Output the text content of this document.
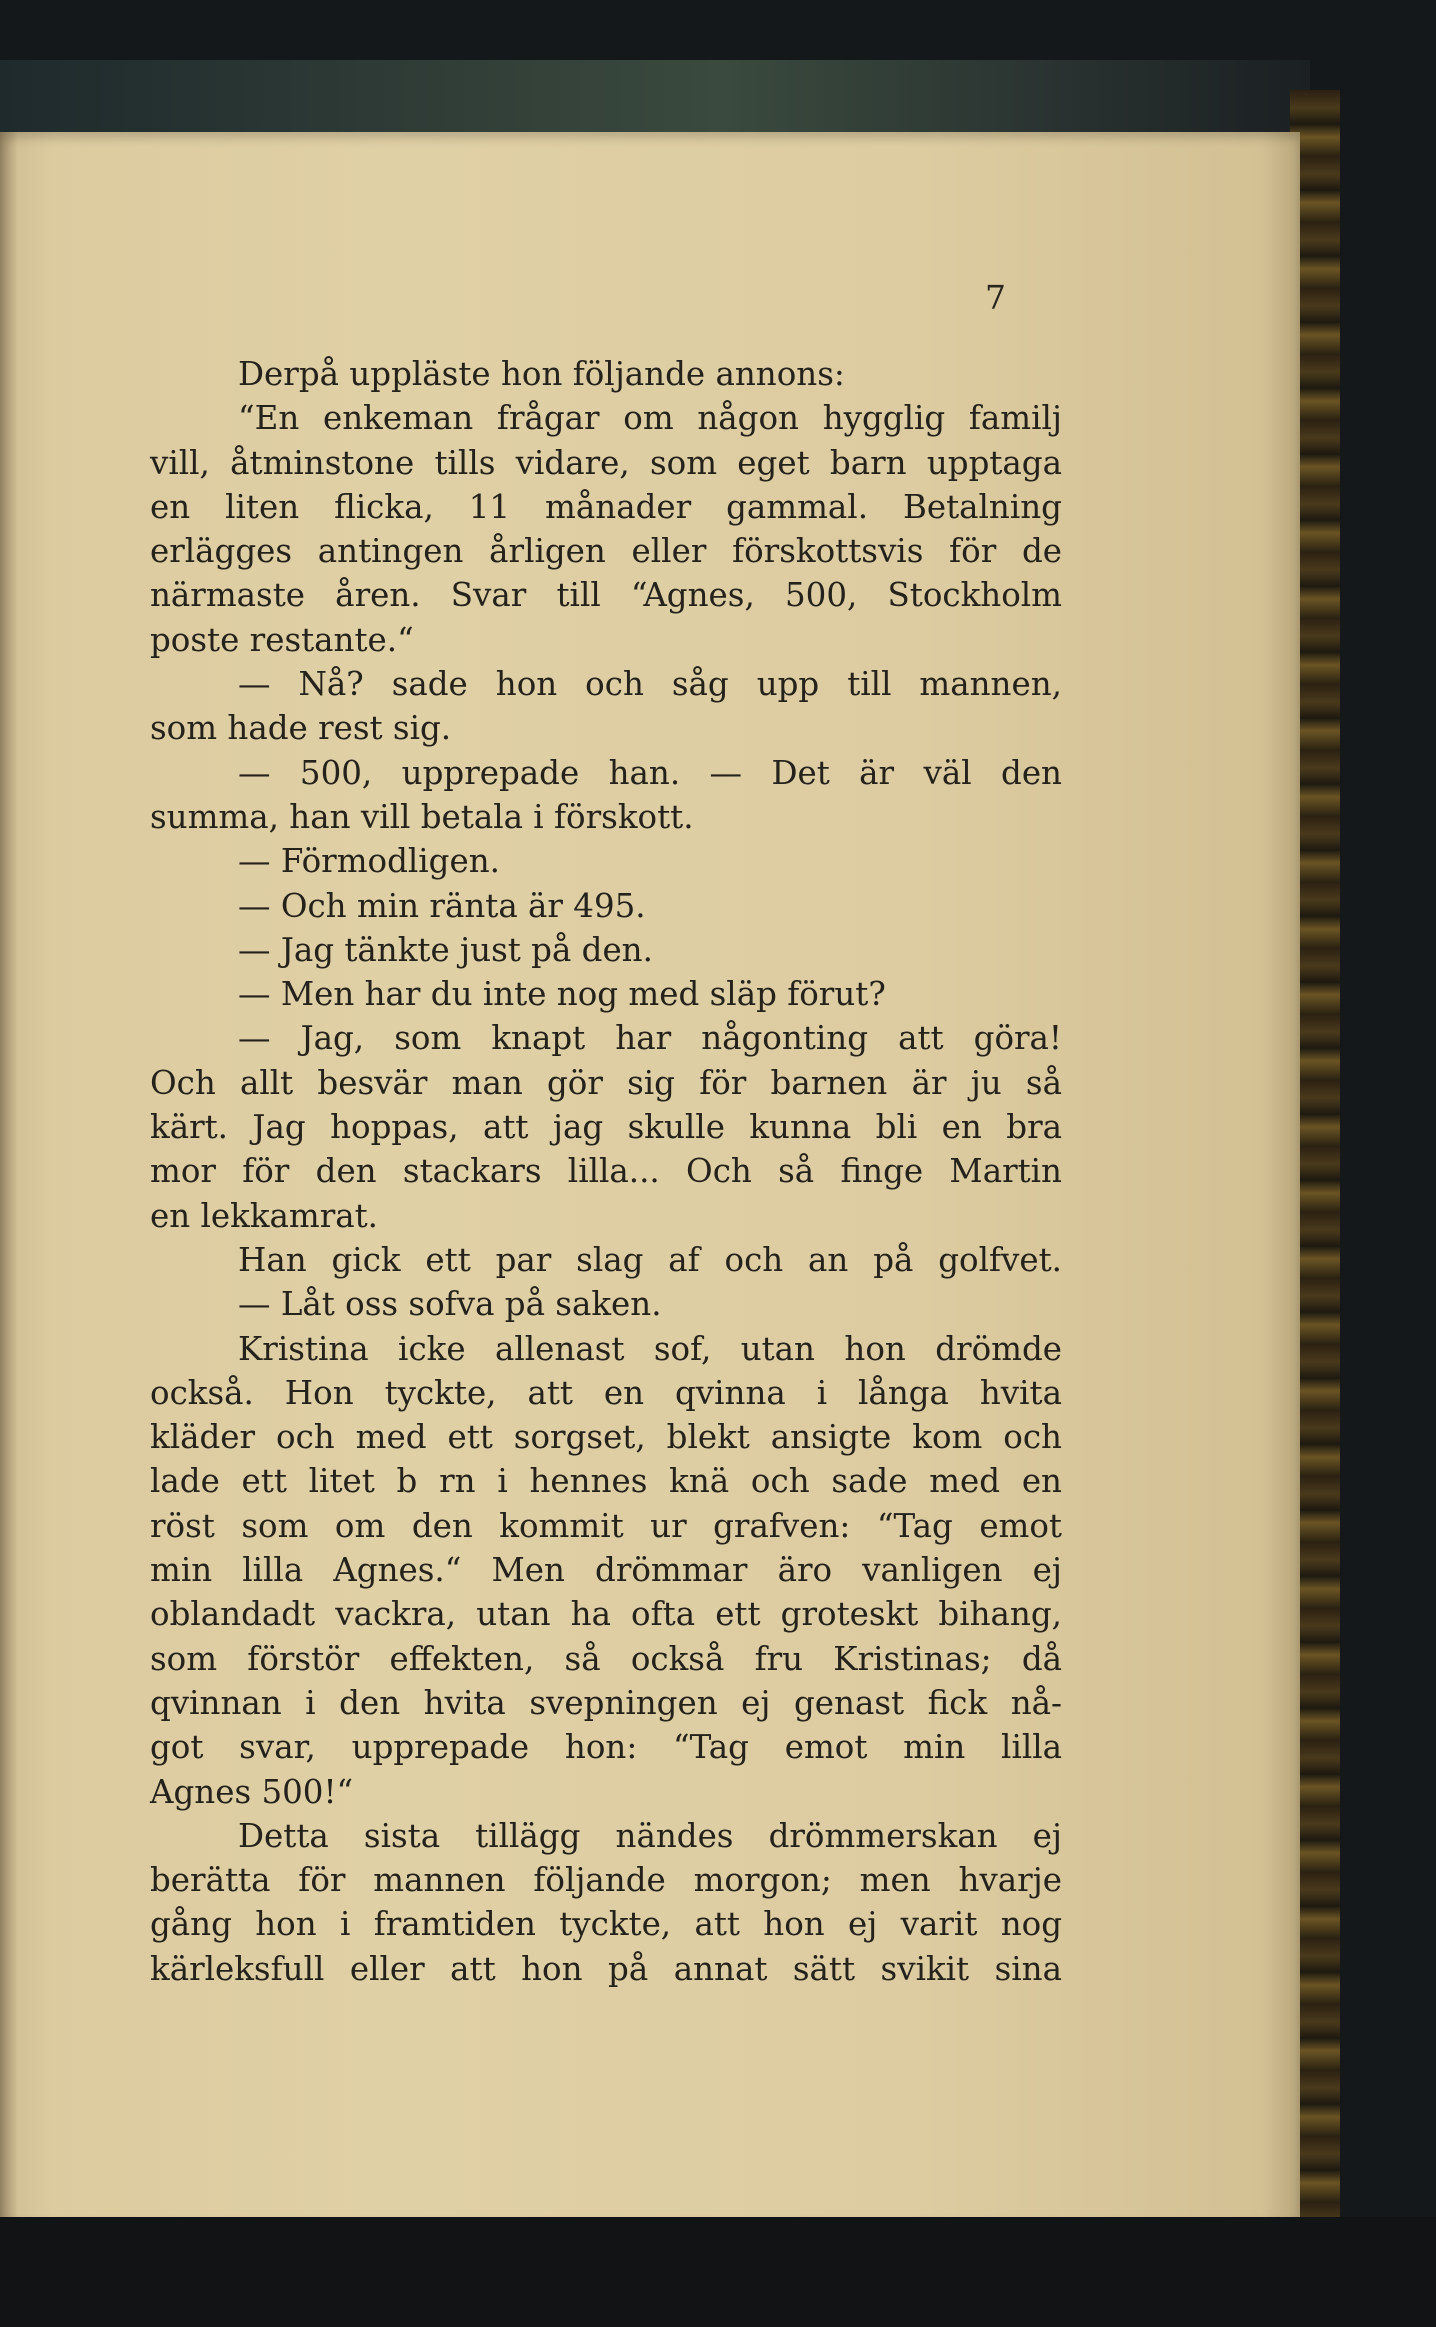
7
Derpå uppläste hon följande annons:
“En enkeman frågar om någon hygglig familj
vill, åtminstone tills vidare, som eget barn upptaga
en liten flicka, 11 månader gammal. Betalning
erlägges antingen årligen eller förskottsvis för de
närmaste åren. Svar till “Agnes, 500, Stockholm
poste restante.“
— Nå? sade hon och såg upp till mannen,
som hade rest sig.
— 500, upprepade han. — Det är väl den
summa, han vill betala i förskott.
— Förmodligen.
— Och min ränta är 495.
— Jag tänkte just på den.
— Men har du inte nog med släp förut?
— Jag, som knapt har någonting att göra!
Och allt besvär man gör sig för barnen är ju så
kärt. Jag hoppas, att jag skulle kunna bli en bra
mor för den stackars lilla... Och så finge Martin
en lekkamrat.
Han gick ett par slag af och an på golfvet.
— Låt oss sofva på saken.
Kristina icke allenast sof, utan hon drömde
också. Hon tyckte, att en qvinna i långa hvita
kläder och med ett sorgset, blekt ansigte kom och
lade ett litet b rn i hennes knä och sade med en
röst som om den kommit ur grafven: “Tag emot
min lilla Agnes.“ Men drömmar äro vanligen ej
oblandadt vackra, utan ha ofta ett groteskt bihang,
som förstör effekten, så också fru Kristinas; då
qvinnan i den hvita svepningen ej genast fick nå-
got svar, upprepade hon: “Tag emot min lilla
Agnes 500!“
Detta sista tillägg nändes drömmerskan ej
berätta för mannen följande morgon; men hvarje
gång hon i framtiden tyckte, att hon ej varit nog
kärleksfull eller att hon på annat sätt svikit sina
